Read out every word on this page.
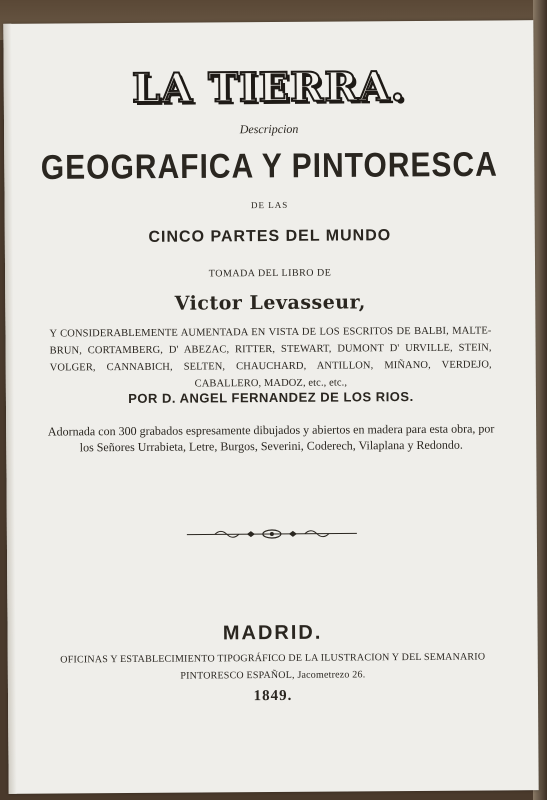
LA TIERRA.
Descripcion
GEOGRAFICA Y PINTORESCA
DE LAS
CINCO PARTES DEL MUNDO
TOMADA DEL LIBRO DE
Victor Levasseur,
Y CONSIDERABLEMENTE AUMENTADA EN VISTA DE LOS ESCRITOS DE BALBI, MALTE-BRUN, CORTAMBERG, D' ABEZAC, RITTER, STEWART, DUMONT D' URVILLE, STEIN, VOLGER, CANNABICH, SELTEN, CHAUCHARD, ANTILLON, MIÑANO, VERDEJO, CABALLERO, MADOZ, etc., etc.,
POR D. ANGEL FERNANDEZ DE LOS RIOS.
Adornada con 300 grabados espresamente dibujados y abiertos en madera para esta obra, por los Señores Urrabieta, Letre, Burgos, Severini, Coderech, Vilaplana y Redondo.
MADRID.
OFICINAS Y ESTABLECIMIENTO TIPOGRÁFICO DE LA ILUSTRACION Y DEL SEMANARIO PINTORESCO ESPAÑOL, Jacometrezo 26.
1849.
